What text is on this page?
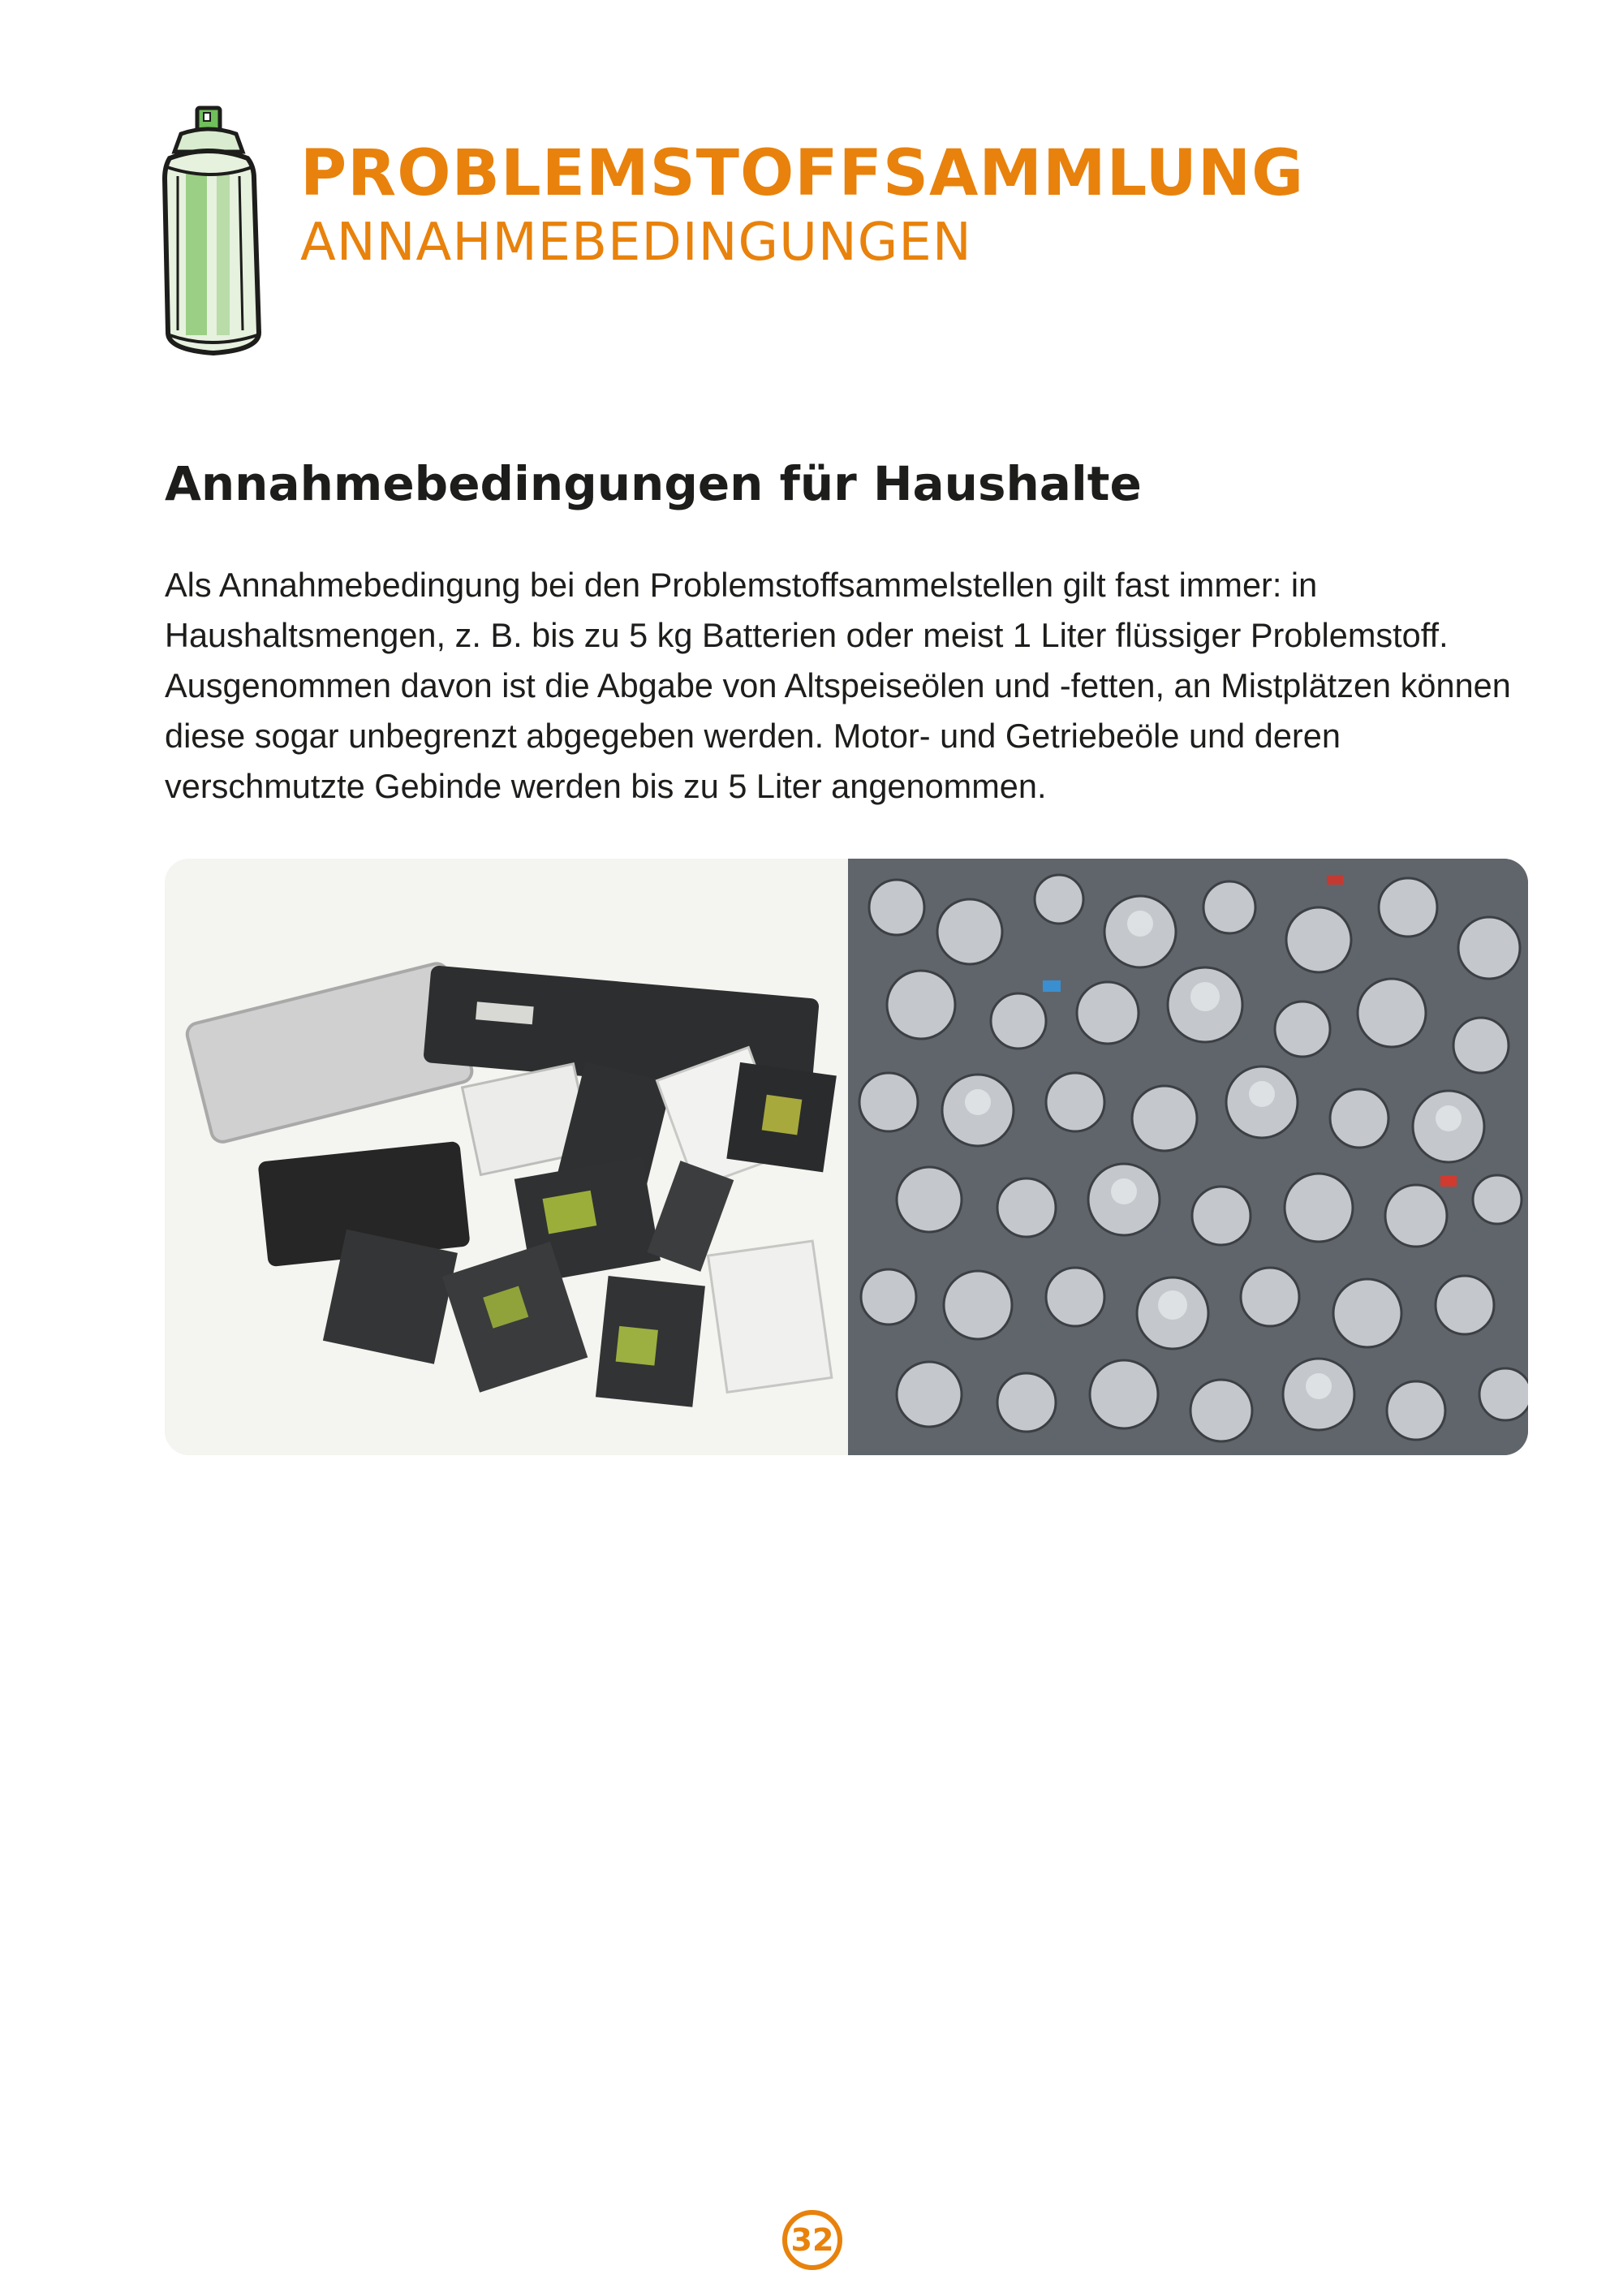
PROBLEMSTOFFSAMMLUNG
ANNAHMEBEDINGUNGEN
Annahmebedingungen für Haushalte

Als Annahmebedingung bei den Problemstoffsammelstellen gilt fast immer: in Haushaltsmengen, z. B. bis zu 5 kg Batterien oder meist 1 Liter flüssiger Problemstoff. Ausgenommen davon ist die Abgabe von Altspeiseölen und -fetten, an Mistplätzen können diese sogar unbegrenzt abgegeben werden. Motor- und Getriebeöle und deren verschmutzte Gebinde werden bis zu 5 Liter angenommen.

32
